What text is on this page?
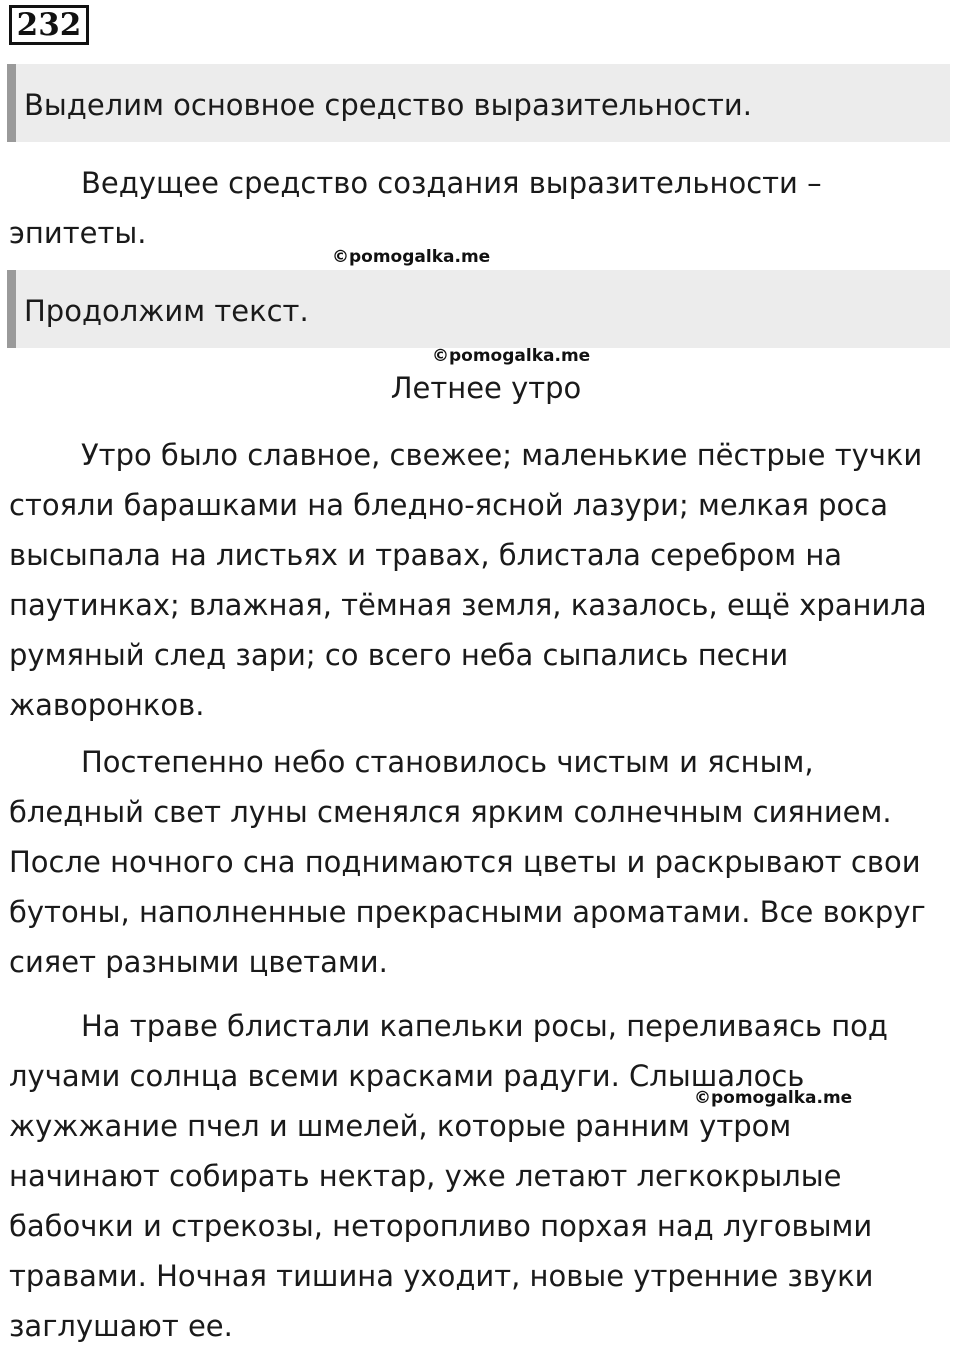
232
Выделим основное средство выразительности.

Ведущее средство создания выразительности – эпитеты.

©pomogalka.me
Продолжим текст.
©pomogalka.me
Летнее утро

Утро было славное, свежее; маленькие пёстрые тучки стояли барашками на бледно-ясной лазури; мелкая роса высыпала на листьях и травах, блистала серебром на паутинках; влажная, тёмная земля, казалось, ещё хранила румяный след зари; со всего неба сыпались песни жаворонков.

Постепенно небо становилось чистым и ясным, бледный свет луны сменялся ярким солнечным сиянием. После ночного сна поднимаются цветы и раскрывают свои бутоны, наполненные прекрасными ароматами. Все вокруг сияет разными цветами.

На траве блистали капельки росы, переливаясь под лучами солнца всеми красками радуги. Слышалось жужжание пчел и шмелей, которые ранним утром начинают собирать нектар, уже летают легкокрылые бабочки и стрекозы, неторопливо порхая над луговыми травами. Ночная тишина уходит, новые утренние звуки заглушают ее.

©pomogalka.me
